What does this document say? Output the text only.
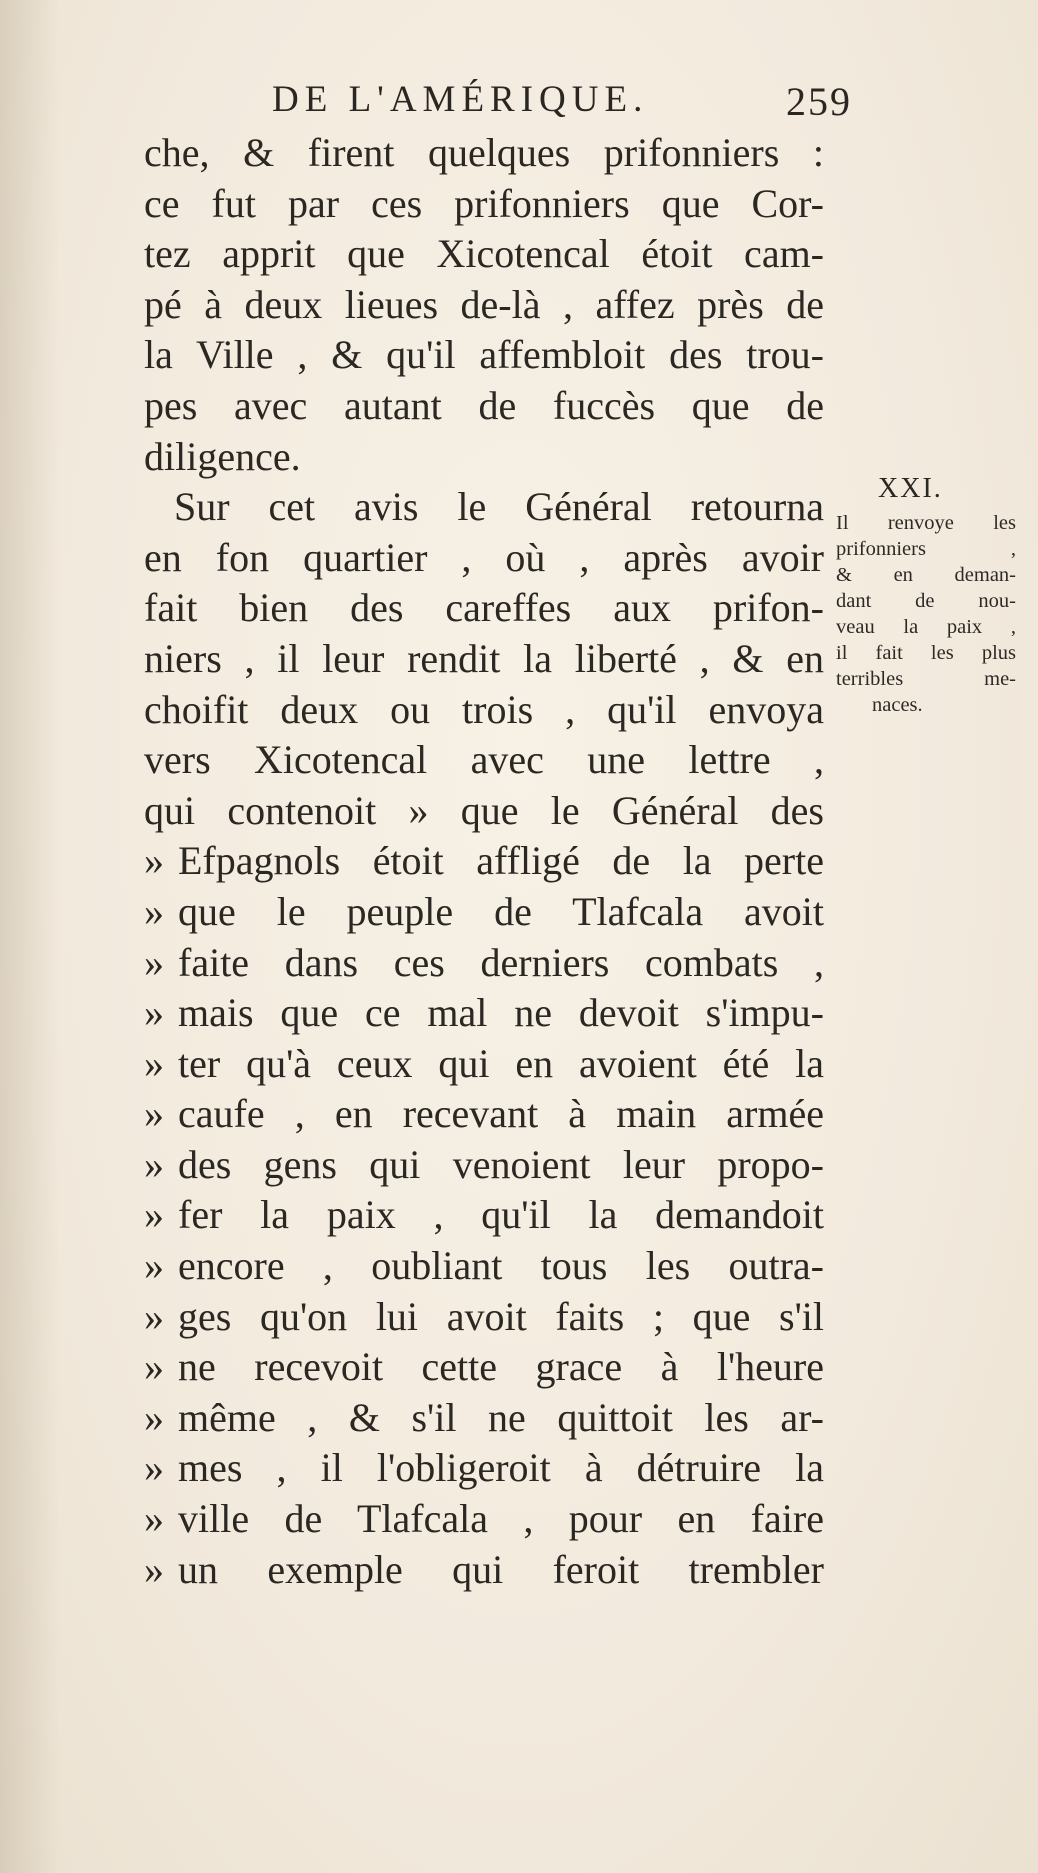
DE L'AMÉRIQUE.	259
che, & firent quelques prifonniers :
ce fut par ces prifonniers que Cor-
tez apprit que Xicotencal étoit cam-
pé à deux lieues de-là , affez près de
la Ville , & qu'il affembloit des trou-
pes avec autant de fuccès que de
diligence.
Sur cet avis le Général retourna
en fon quartier , où , après avoir
fait bien des careffes aux prifon-
niers , il leur rendit la liberté , & en
choifit deux ou trois , qu'il envoya
vers Xicotencal avec une lettre ,
qui contenoit » que le Général des
» Efpagnols étoit affligé de la perte
» que le peuple de Tlafcala avoit
» faite dans ces derniers combats ,
» mais que ce mal ne devoit s'impu-
» ter qu'à ceux qui en avoient été la
» caufe , en recevant à main armée
» des gens qui venoient leur propo-
» fer la paix , qu'il la demandoit
» encore , oubliant tous les outra-
» ges qu'on lui avoit faits ; que s'il
» ne recevoit cette grace à l'heure
» même , & s'il ne quittoit les ar-
» mes , il l'obligeroit à détruire la
» ville de Tlafcala , pour en faire
» un exemple qui feroit trembler
XXI.
Il renvoye les
prifonniers ,
& en deman-
dant de nou-
veau la paix ,
il fait les plus
terribles me-
naces.
